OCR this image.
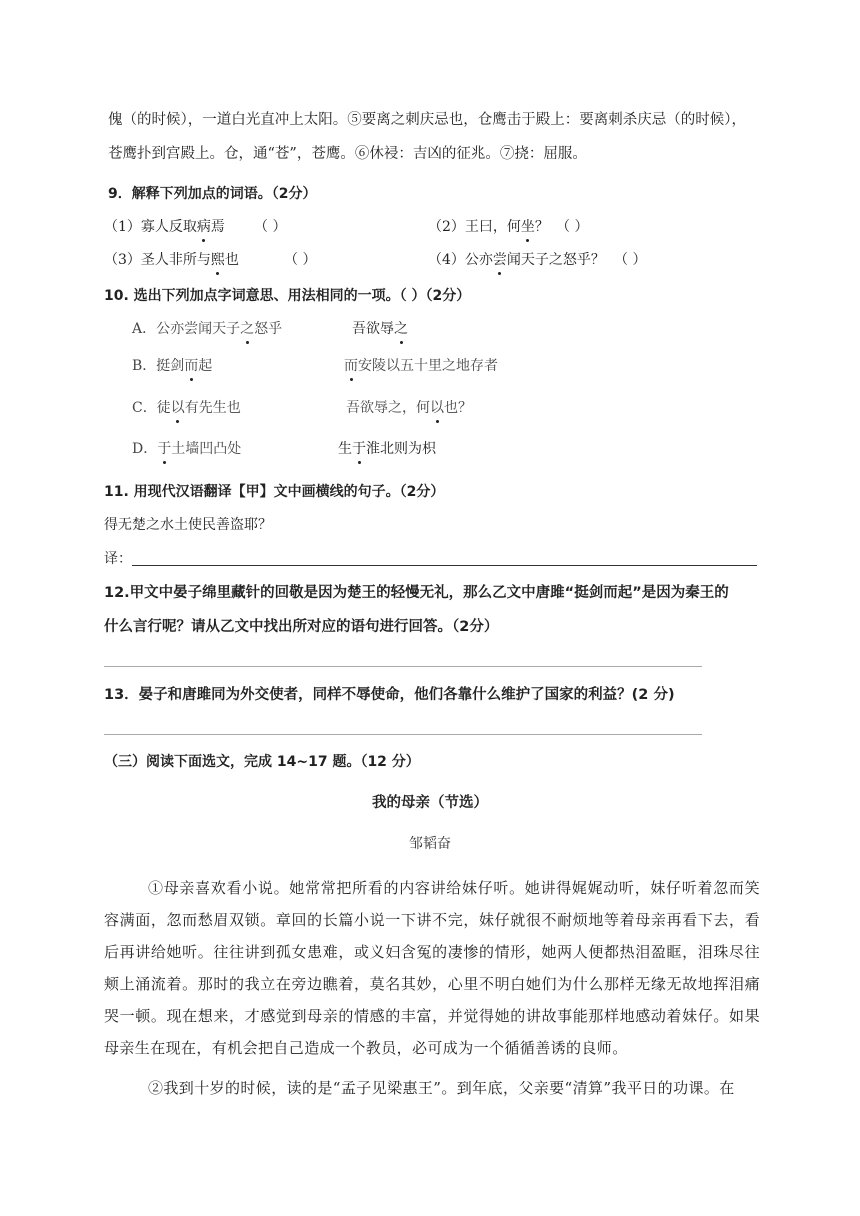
傀（的时候），一道白光直冲上太阳。⑤要离之刺庆忌也，仓鹰击于殿上：要离刺杀庆忌（的时候），
苍鹰扑到宫殿上。仓，通“苍”，苍鹰。⑥休祲：吉凶的征兆。⑦挠：屈服。
9．解释下列加点的词语。（2分）
（1）寡人反取病焉 （ ）	（2）王曰，何坐？ （ ）
（3）圣人非所与熙也	（ ）	（4）公亦尝闻天子之怒乎？ （ ）
10. 选出下列加点字词意思、用法相同的一项。（ ）（2分）
A．公亦尝闻天子之怒乎	吾欲辱之
B．挺剑而起	而安陵以五十里之地存者
C．徒以有先生也	吾欲辱之，何以也？
D．于土墙凹凸处	生于淮北则为枳
11. 用现代汉语翻译【甲】文中画横线的句子。（2分）
得无楚之水土使民善盗耶？
译：
12.甲文中晏子绵里藏针的回敬是因为楚王的轻慢无礼，那么乙文中唐雎“挺剑而起”是因为秦王的
什么言行呢？请从乙文中找出所对应的语句进行回答。（2分）
13．晏子和唐雎同为外交使者，同样不辱使命，他们各靠什么维护了国家的利益？(2 分)
（三）阅读下面选文，完成 14~17 题。（12 分）
我的母亲（节选）
邹韬奋
①母亲喜欢看小说。她常常把所看的内容讲给妹仔听。她讲得娓娓动听，妹仔听着忽而笑容满面，忽而愁眉双锁。章回的长篇小说一下讲不完，妹仔就很不耐烦地等着母亲再看下去，看后再讲给她听。往往讲到孤女患难，或义妇含冤的凄惨的情形，她两人便都热泪盈眶，泪珠尽往颊上涌流着。那时的我立在旁边瞧着，莫名其妙，心里不明白她们为什么那样无缘无故地挥泪痛哭一顿。现在想来，才感觉到母亲的情感的丰富，并觉得她的讲故事能那样地感动着妹仔。如果母亲生在现在，有机会把自己造成一个教员，必可成为一个循循善诱的良师。
②我到十岁的时候，读的是“孟子见梁惠王”。到年底，父亲要“清算”我平日的功课。在
